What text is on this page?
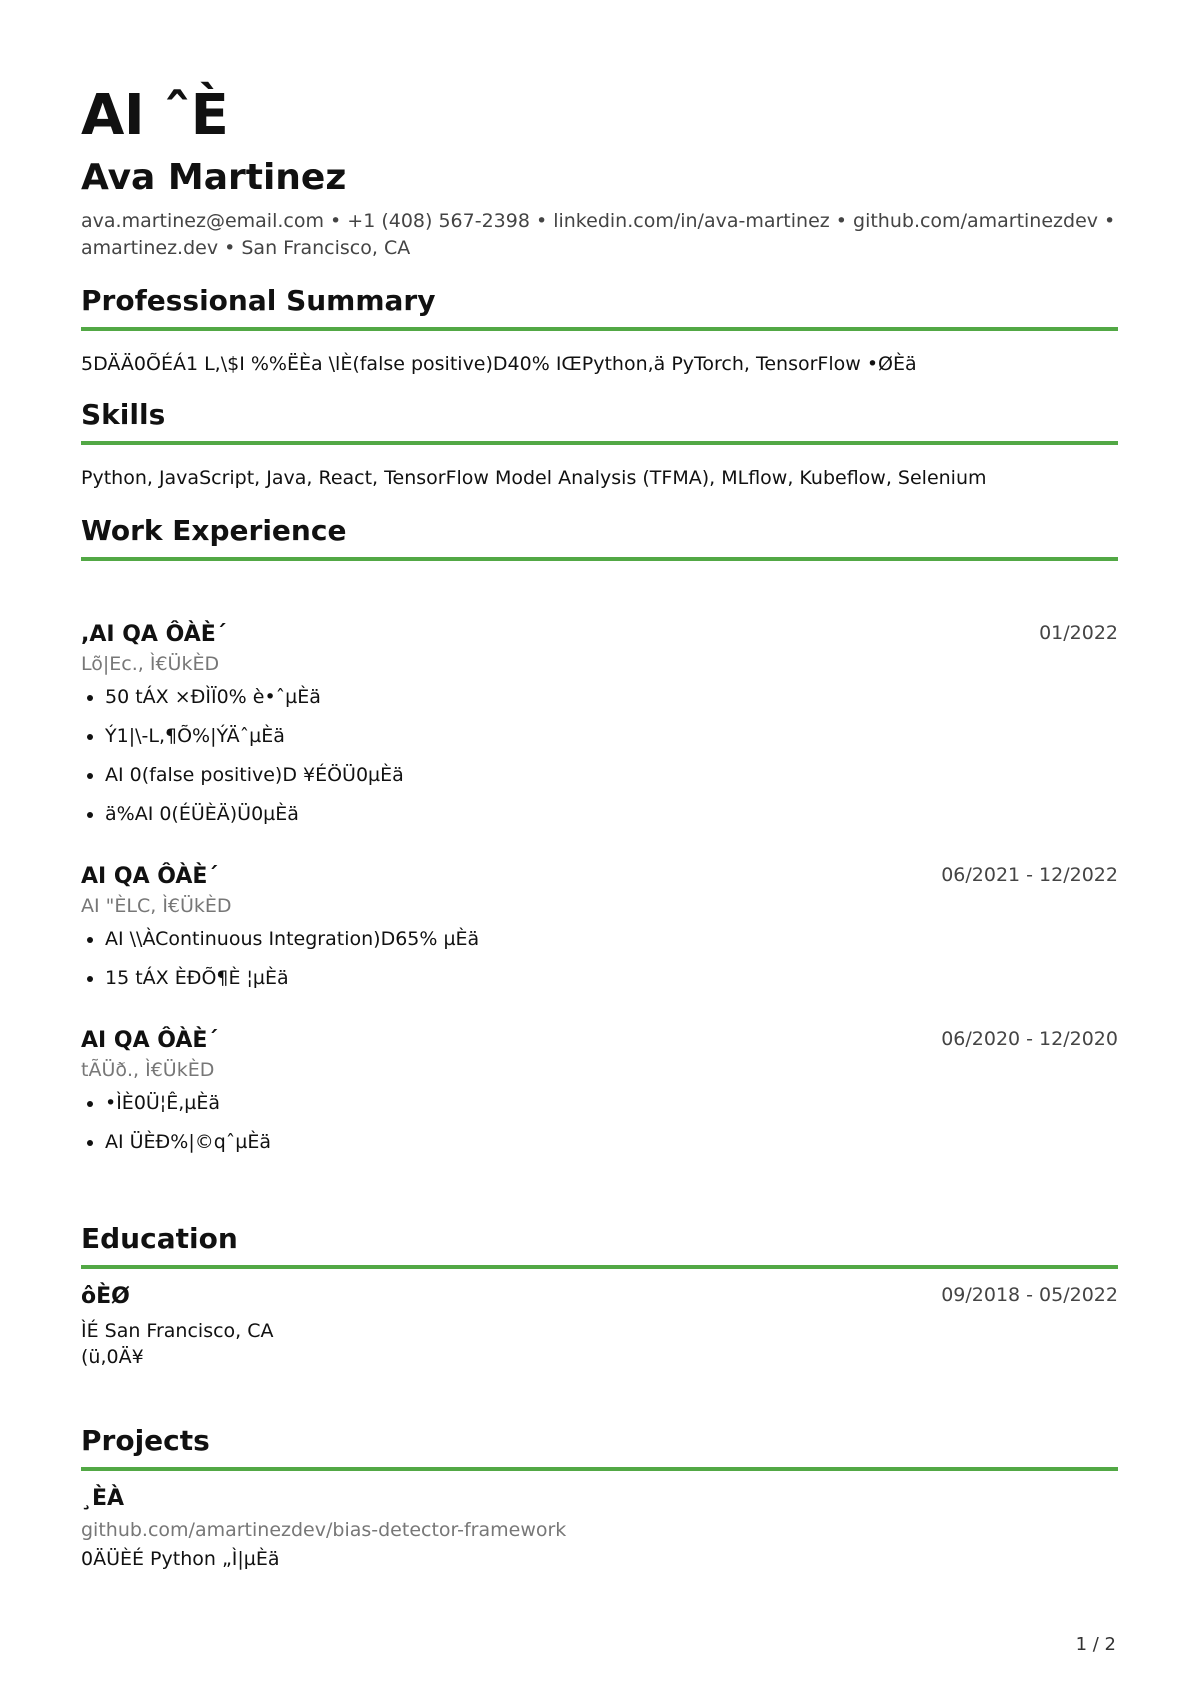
AI ˆÈ
Ava Martinez
ava.martinez@email.com • +1 (408) 567-2398 • linkedin.com/in/ava-martinez • github.com/amartinezdev • amartinez.dev • San Francisco, CA
Professional Summary
5DÄÄ0ÕÉÁ1 L,\$I %%ËÈa \lÈ(false positive)D40% IŒPython,ä PyTorch, TensorFlow •ØÈä
Skills
Python, JavaScript, Java, React, TensorFlow Model Analysis (TFMA), MLflow, Kubeflow, Selenium
Work Experience
,AI QA ÔÀÈ´	01/2022
Lõ|Ec., Ì€ÜkÈD
50 tÁX ×ÐÌÏ0% è•ˆµÈä
Ý1|\-L,¶Õ%|ÝÄˆµÈä
AI 0(false positive)D ¥ÉÖÜ0µÈä
ä%AI 0(ÉÜÈÄ)Ü0µÈä
AI QA ÔÀÈ´	06/2021 - 12/2022
AI "ÈLC, Ì€ÜkÈD
AI \\ÀContinuous Integration)D65% µÈä
15 tÁX ÈÐÕ¶È ¦µÈä
AI QA ÔÀÈ´	06/2020 - 12/2020
tÃÜð., Ì€ÜkÈD
•ÌÈ0Ü¦Ê,µÈä
AI ÜÈÐ%|©qˆµÈä
Education
ôÈØ	09/2018 - 05/2022
ÌÉ San Francisco, CA
(ü,0Ä¥
Projects
¸ÈÀ
github.com/amartinezdev/bias-detector-framework
0ÄÜÈÉ Python „Ì|µÈä
1 / 2
